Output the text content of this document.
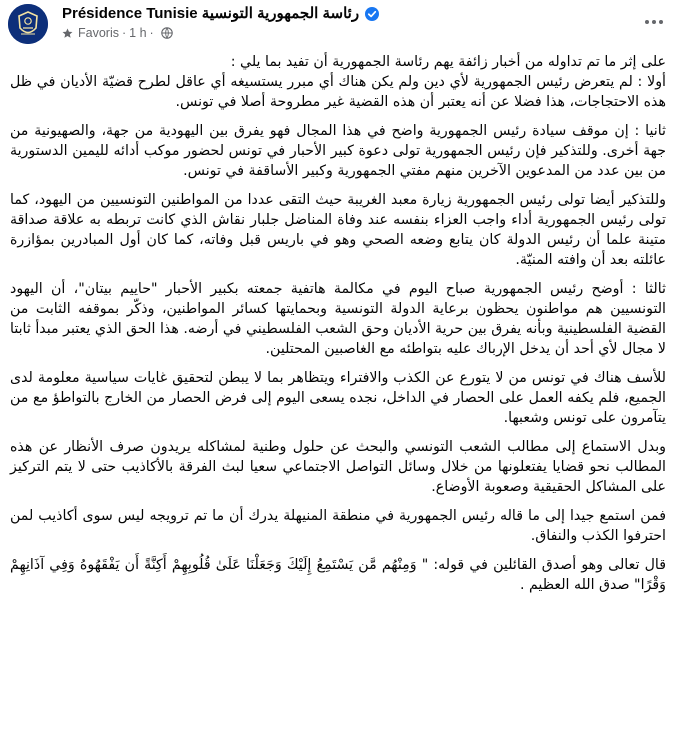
Présidence Tunisie رئاسة الجمهورية التونسية
Favoris · 1 h ·

على إثر ما تم تداوله من أخبار زائفة يهم رئاسة الجمهورية أن تفيد بما يلي :
أولا : لم يتعرض رئيس الجمهورية لأي دين ولم يكن هناك أي مبرر يستسيغه أي عاقل لطرح قضيّة الأديان في ظل هذه الاحتجاجات، هذا فضلا عن أنه يعتبر أن هذه القضية غير مطروحة أصلا في تونس.

ثانيا : إن موقف سيادة رئيس الجمهورية واضح في هذا المجال فهو يفرق بين اليهودية من جهة، والصهيونية من جهة أخرى. وللتذكير فإن رئيس الجمهورية تولى دعوة كبير الأحبار في تونس لحضور موكب أدائه لليمين الدستورية من بين عدد من المدعوين الآخرين منهم مفتي الجمهورية وكبير الأساقفة في تونس.

وللتذكير أيضا تولى رئيس الجمهورية زيارة معبد الغريبة حيث التقى عددا من المواطنين التونسيين من اليهود، كما تولى رئيس الجمهورية أداء واجب العزاء بنفسه عند وفاة المناضل جلبار نقاش الذي كانت تربطه به علاقة صداقة متينة علما أن رئيس الدولة كان يتابع وضعه الصحي وهو في باريس قبل وفاته، كما كان أول المبادرين بمؤازرة عائلته بعد أن وافته المنيّة.

ثالثا : أوضح رئيس الجمهورية صباح اليوم في مكالمة هاتفية جمعته بكبير الأحبار "حاييم بيتان"، أن اليهود التونسيين هم مواطنون يحظون برعاية الدولة التونسية وبحمايتها كسائر المواطنين، وذكّر بموقفه الثابت من القضية الفلسطينية وبأنه يفرق بين حرية الأديان وحق الشعب الفلسطيني في أرضه. هذا الحق الذي يعتبر مبدأ ثابتا لا مجال لأي أحد أن يدخل الإرباك عليه بتواطئه مع الغاصبين المحتلين.

للأسف هناك في تونس من لا يتورع عن الكذب والافتراء ويتظاهر بما لا يبطن لتحقيق غايات سياسية معلومة لدى الجميع، فلم يكفه العمل على الحصار في الداخل، نجده يسعى اليوم إلى فرض الحصار من الخارج بالتواطؤ مع من يتآمرون على تونس وشعبها.

وبدل الاستماع إلى مطالب الشعب التونسي والبحث عن حلول وطنية لمشاكله يريدون صرف الأنظار عن هذه المطالب نحو قضايا يفتعلونها من خلال وسائل التواصل الاجتماعي سعيا لبث الفرقة بالأكاذيب حتى لا يتم التركيز على المشاكل الحقيقية وصعوبة الأوضاع.

فمن استمع جيدا إلى ما قاله رئيس الجمهورية في منطقة المنيهلة يدرك أن ما تم ترويجه ليس سوى أكاذيب لمن احترفوا الكذب والنفاق.

قال تعالى وهو أصدق القائلين في قوله: " وَمِنْهُم مَّن يَسْتَمِعُ إِلَيْكَ وَجَعَلْنَا عَلَىٰ قُلُوبِهِمْ أَكِنَّةً أَن يَفْقَهُوهُ وَفِي آذَانِهِمْ وَقْرًا" صدق الله العظيم .
